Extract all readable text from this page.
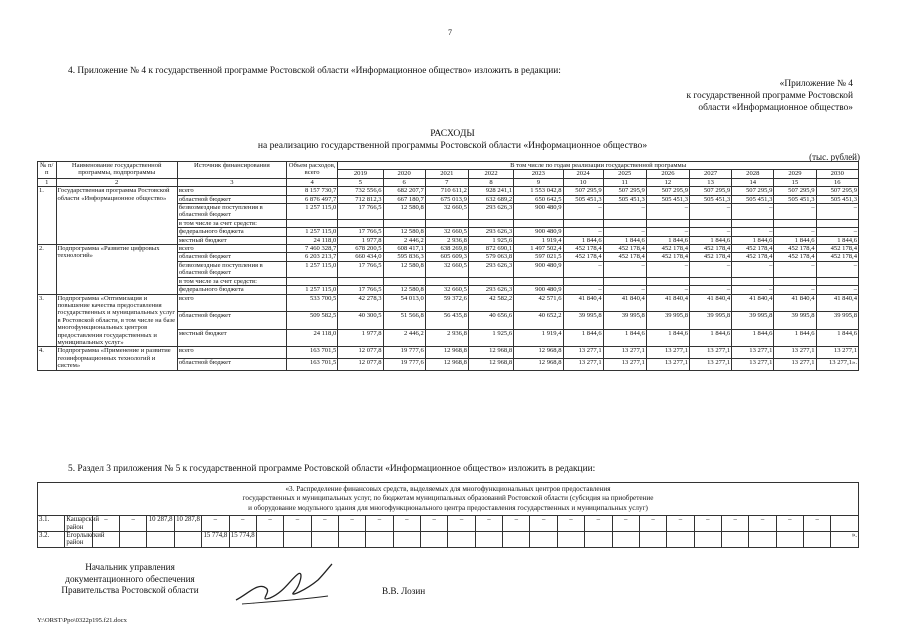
7
4. Приложение № 4 к государственной программе Ростовской области «Информационное общество» изложить в редакции:
«Приложение № 4
к государственной программе Ростовской
области «Информационное общество»
РАСХОДЫ
на реализацию государственной программы Ростовской области «Информационное общество»
(тыс. рублей)
№ п/п	Наименование государственной программы, подпрограммы	Источник финансирования	Объем расходов, всего	В том числе по годам реализации государственной программы											
				2019	2020	2021	2022	2023	2024	2025	2026	2027	2028	2029	2030
1	2	3	4	5	6	7	8	9	10	11	12	13	14	15	16
1.	Государственная программа Ростовской области «Информационное общество»	всего	8 157 730,7	732 556,6	682 207,7	710 611,2	928 241,1	1 553 042,8	507 295,9	507 295,9	507 295,9	507 295,9	507 295,9	507 295,9	507 295,9
		областной бюджет	6 876 497,7	712 812,3	667 180,7	675 013,9	632 689,2	650 642,5	505 451,3	505 451,3	505 451,3	505 451,3	505 451,3	505 451,3	505 451,3
		безвозмездные поступления в областной бюджет	1 257 115,0	17 766,5	12 580,8	32 660,5	293 626,3	900 480,9	–	–	–	–	–	–	–
		в том числе за счет средств:													
		федерального бюджета	1 257 115,0	17 766,5	12 580,8	32 660,5	293 626,3	900 480,9	–	–	–	–	–	–	–
		местный бюджет	24 118,0	1 977,8	2 446,2	2 936,8	1 925,6	1 919,4	1 844,6	1 844,6	1 844,6	1 844,6	1 844,6	1 844,6	1 844,6
2.	Подпрограмма «Развитие цифровых технологий»	всего	7 460 328,7	678 200,5	608 417,1	638 269,8	872 690,1	1 497 502,4	452 178,4	452 178,4	452 178,4	452 178,4	452 178,4	452 178,4	452 178,4
		областной бюджет	6 203 213,7	660 434,0	595 836,3	605 609,3	579 063,8	597 021,5	452 178,4	452 178,4	452 178,4	452 178,4	452 178,4	452 178,4	452 178,4
		безвозмездные поступления в областной бюджет	1 257 115,0	17 766,5	12 580,8	32 660,5	293 626,3	900 480,9	–	–	–	–	–	–	–
		в том числе за счет средств:													
		федерального бюджета	1 257 115,0	17 766,5	12 580,8	32 660,5	293 626,3	900 480,9	–	–	–	–	–	–	–
3.	Подпрограмма «Оптимизация и повышение качества предоставления государственных и муниципальных услуг в Ростовской области, в том числе на базе многофункциональных центров предоставления государственных и муниципальных услуг»	всего	533 700,5	42 278,3	54 013,0	59 372,6	42 582,2	42 571,6	41 840,4	41 840,4	41 840,4	41 840,4	41 840,4	41 840,4	41 840,4
		областной бюджет	509 582,5	40 300,5	51 566,8	56 435,8	40 656,6	40 652,2	39 995,8	39 995,8	39 995,8	39 995,8	39 995,8	39 995,8	39 995,8
		местный бюджет	24 118,0	1 977,8	2 446,2	2 936,8	1 925,6	1 919,4	1 844,6	1 844,6	1 844,6	1 844,6	1 844,6	1 844,6	1 844,6
4.	Подпрограмма «Применение и развитие геоинформационных технологий и систем»	всего	163 701,5	12 077,8	19 777,6	12 968,8	12 968,8	12 968,8	13 277,1	13 277,1	13 277,1	13 277,1	13 277,1	13 277,1	13 277,1
		областной бюджет	163 701,5	12 077,8	19 777,6	12 968,8	12 968,8	12 968,8	13 277,1	13 277,1	13 277,1	13 277,1	13 277,1	13 277,1	13 277,1».
5. Раздел 3 приложения № 5 к государственной программе Ростовской области «Информационное общество» изложить в редакции:
«3. Распределение финансовых средств, выделяемых для многофункциональных центров предоставления
государственных и муниципальных услуг, по бюджетам муниципальных образований Ростовской области (субсидия на приобретение
и оборудование модульного здания для многофункционального центра предоставления государственных и муниципальных услуг)																													

3.1.	Кашарский район	–	–	10 287,8	10 287,8	–	–	–	–	–	–	–	–	–	–	–	–	–	–	–	–	–	–	–	–	–	–	–	
3.2.	Егорлыкский район					15 774,8	15 774,8																						».
Начальник управления
документационного обеспечения
Правительства Ростовской области	В.В. Лозин
Y:\ORST\Ppo\0322p195.f21.docx
